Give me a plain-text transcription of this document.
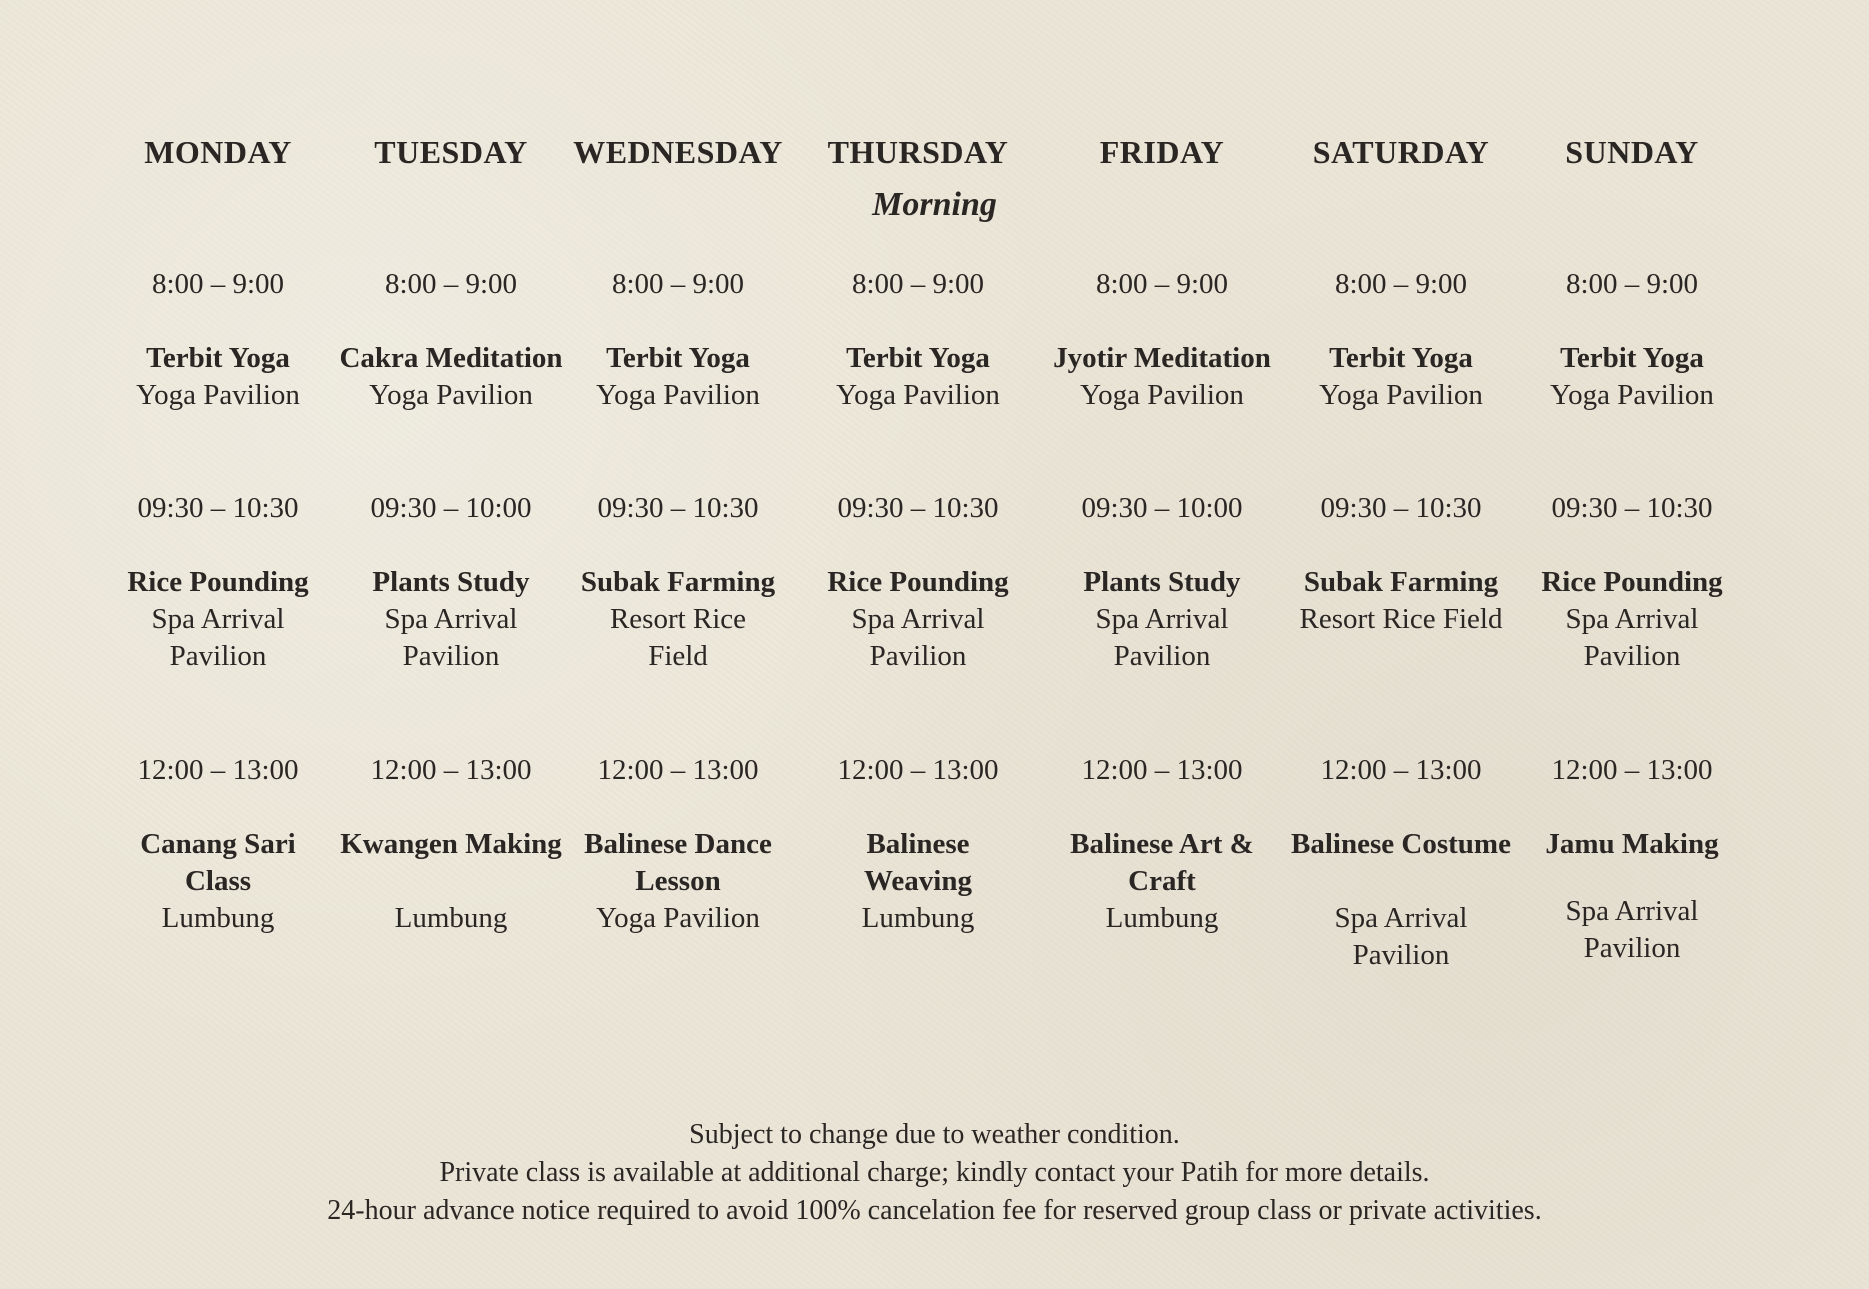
Morning
MONDAY
8:00 – 9:00
Terbit Yoga
Yoga Pavilion
09:30 – 10:30
Rice Pounding
Spa Arrival Pavilion
12:00 – 13:00
Canang Sari Class
Lumbung
TUESDAY
8:00 – 9:00
Cakra Meditation
Yoga Pavilion
09:30 – 10:00
Plants Study
Spa Arrival Pavilion
12:00 – 13:00
Kwangen Making
Lumbung
WEDNESDAY
8:00 – 9:00
Terbit Yoga
Yoga Pavilion
09:30 – 10:30
Subak Farming
Resort Rice Field
12:00 – 13:00
Balinese Dance Lesson
Yoga Pavilion
THURSDAY
8:00 – 9:00
Terbit Yoga
Yoga Pavilion
09:30 – 10:30
Rice Pounding
Spa Arrival Pavilion
12:00 – 13:00
Balinese Weaving
Lumbung
FRIDAY
8:00 – 9:00
Jyotir Meditation
Yoga Pavilion
09:30 – 10:00
Plants Study
Spa Arrival Pavilion
12:00 – 13:00
Balinese Art & Craft
Lumbung
SATURDAY
8:00 – 9:00
Terbit Yoga
Yoga Pavilion
09:30 – 10:30
Subak Farming
Resort Rice Field
12:00 – 13:00
Balinese Costume
Spa Arrival Pavilion
SUNDAY
8:00 – 9:00
Terbit Yoga
Yoga Pavilion
09:30 – 10:30
Rice Pounding
Spa Arrival Pavilion
12:00 – 13:00
Jamu Making
Spa Arrival Pavilion
Subject to change due to weather condition.
Private class is available at additional charge; kindly contact your Patih for more details.
24-hour advance notice required to avoid 100% cancelation fee for reserved group class or private activities.
